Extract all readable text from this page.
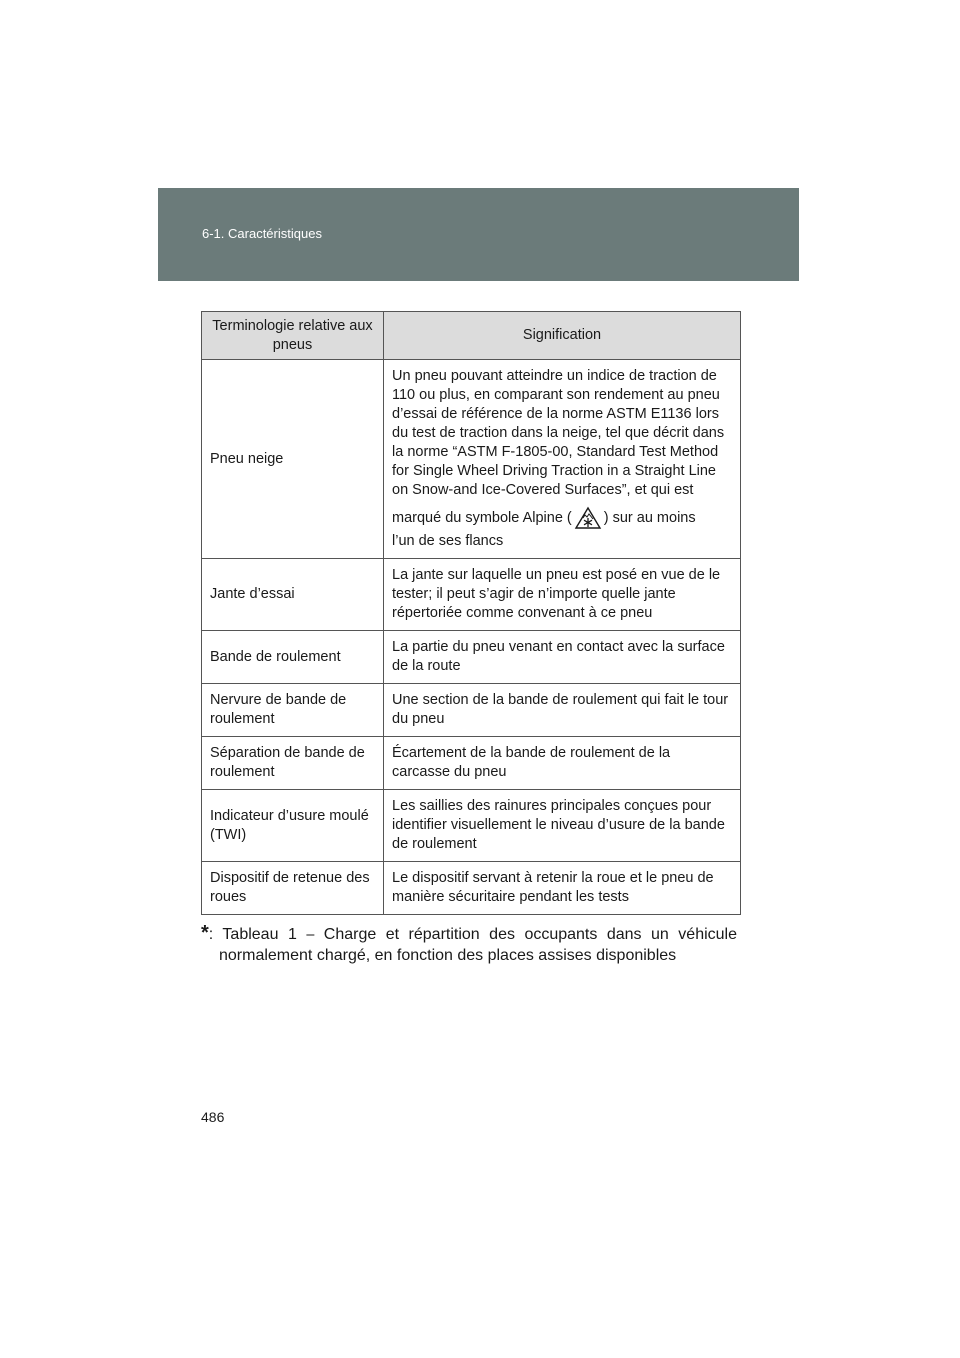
6-1. Caractéristiques
Terminologie relative aux pneus	Signification
Pneu neige	Un pneu pouvant atteindre un indice de traction de 110 ou plus, en comparant son rendement au pneu d’essai de référence de la norme ASTM E1136 lors du test de traction dans la neige, tel que décrit dans la norme “ASTM F-1805-00, Standard Test Method for Single Wheel Driving Traction in a Straight Line on Snow-and Ice-Covered Surfaces”, et qui est
marqué du symbole Alpine ( ) sur au moins
l’un de ses flancs

Jante d’essai	La jante sur laquelle un pneu est posé en vue de le tester; il peut s’agir de n’importe quelle jante répertoriée comme convenant à ce pneu
Bande de roulement	La partie du pneu venant en contact avec la surface de la route
Nervure de bande de roulement	Une section de la bande de roulement qui fait le tour du pneu
Séparation de bande de roulement	Écartement de la bande de roulement de la carcasse du pneu
Indicateur d’usure moulé (TWI)	Les saillies des rainures principales conçues pour identifier visuellement le niveau d’usure de la bande de roulement
Dispositif de retenue des roues	Le dispositif servant à retenir la roue et le pneu de manière sécuritaire pendant les tests
*: Tableau 1 ⎯ Charge et répartition des occupants dans un véhicule
normalement chargé, en fonction des places assises disponibles
486
